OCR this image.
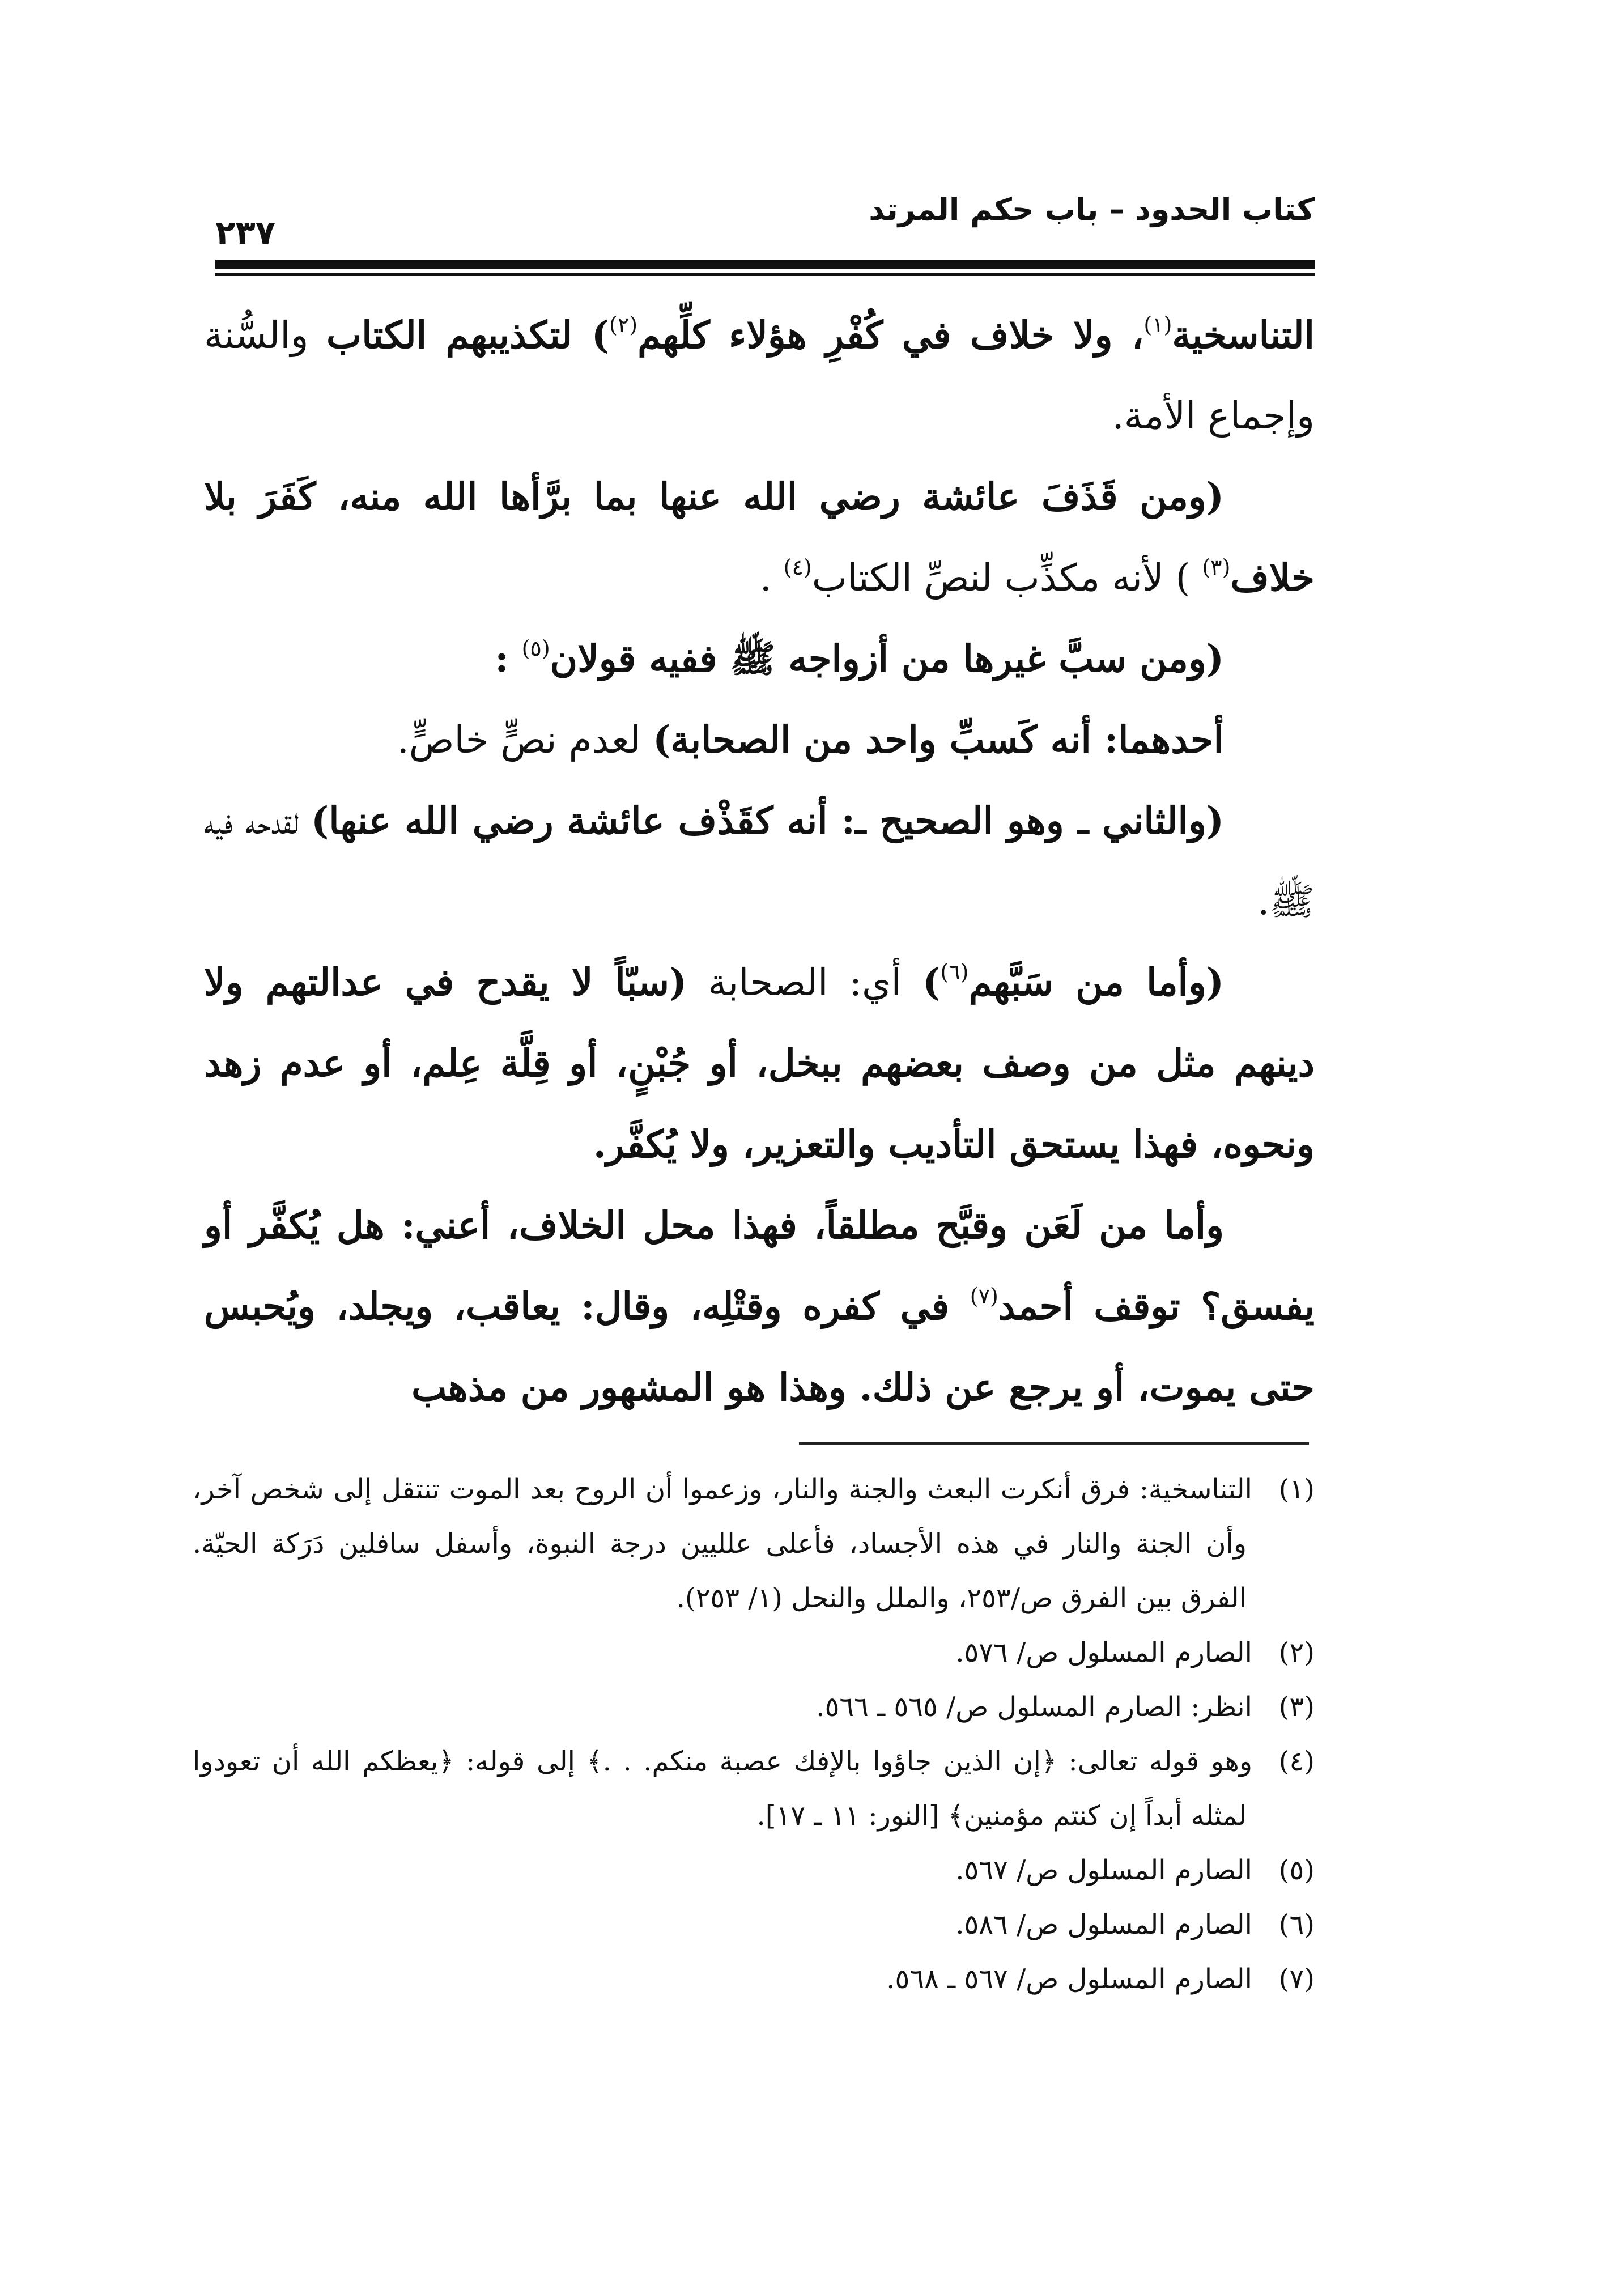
كتاب الحدود – باب حكم المرتد
٢٣٧

التناسخية$^{(١)}$، ولا خلاف في كُفْرِ هؤلاء كلِّهم$^{(٢)}$) لتكذيبهم الكتاب والسُّنة وإجماع الأمة.

(ومن قَذَفَ عائشة رضي الله عنها بما برَّأها الله منه، كَفَرَ بلا خلاف$^{(٣)}$ ) لأنه مكذِّب لنصِّ الكتاب$^{(٤)}$ .

(ومن سبَّ غيرها من أزواجه ﷺ ففيه قولان$^{(٥)}$ :

أحدهما: أنه كَسبِّ واحد من الصحابة) لعدم نصٍّ خاصٍّ.

(والثاني ـ وهو الصحيح ـ: أنه كقَذْف عائشة رضي الله عنها) لقدحه فيه ﷺ.

(وأما من سَبَّهم$^{(٦)}$) أي: الصحابة (سبّاً لا يقدح في عدالتهم ولا دينهم مثل من وصف بعضهم ببخل، أو جُبْنٍ، أو قِلَّة عِلم، أو عدم زهد ونحوه، فهذا يستحق التأديب والتعزير، ولا يُكفَّر.

وأما من لَعَن وقبَّح مطلقاً، فهذا محل الخلاف، أعني: هل يُكفَّر أو يفسق؟ توقف أحمد$^{(٧)}$ في كفره وقتْلِه، وقال: يعاقب، ويجلد، ويُحبس حتى يموت، أو يرجع عن ذلك. وهذا هو المشهور من مذهب

(١)التناسخية: فرق أنكرت البعث والجنة والنار، وزعموا أن الروح بعد الموت تنتقل إلى شخص آخر، وأن الجنة والنار في هذه الأجساد، فأعلى علليين درجة النبوة، وأسفل سافلين دَرَكة الحيّة. الفرق بين الفرق ص/٢٥٣، والملل والنحل (١/ ٢٥٣).

(٢)الصارم المسلول ص/ ٥٧٦.

(٣)انظر: الصارم المسلول ص/ ٥٦٥ ـ ٥٦٦.

(٤)وهو قوله تعالى: ﴿إن الذين جاؤوا بالإفك عصبة منكم. . .﴾ إلى قوله: ﴿يعظكم الله أن تعودوا لمثله أبداً إن كنتم مؤمنين﴾ [النور: ١١ ـ ١٧].

(٥)الصارم المسلول ص/ ٥٦٧.

(٦)الصارم المسلول ص/ ٥٨٦.

(٧)الصارم المسلول ص/ ٥٦٧ ـ ٥٦٨.
